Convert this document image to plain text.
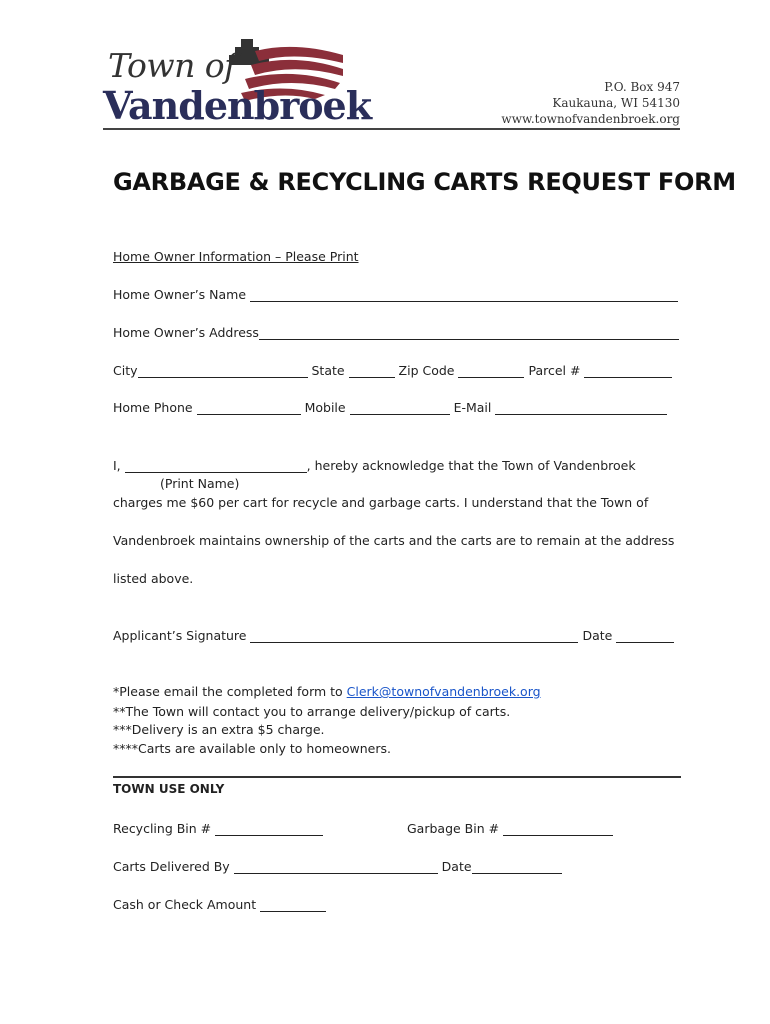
Town of
Vandenbroek	P.O. Box 947
Kaukauna, WI 54130
www.townofvandenbroek.org
GARBAGE & RECYCLING CARTS REQUEST FORM
Home Owner Information – Please Print
Home Owner’s Name
Home Owner’s Address
City	State	Zip Code	Parcel #
Home Phone	Mobile	E-Mail
I,	, hereby acknowledge that the Town of Vandenbroek
(Print Name)
charges me $60 per cart for recycle and garbage carts. I understand that the Town of
Vandenbroek maintains ownership of the carts and the carts are to remain at the address
listed above.
Applicant’s Signature	Date
*Please email the completed form to Clerk@townofvandenbroek.org
**The Town will contact you to arrange delivery/pickup of carts.
***Delivery is an extra $5 charge.
****Carts are available only to homeowners.
TOWN USE ONLY
Recycling Bin #	Garbage Bin #
Carts Delivered By	Date
Cash or Check Amount
